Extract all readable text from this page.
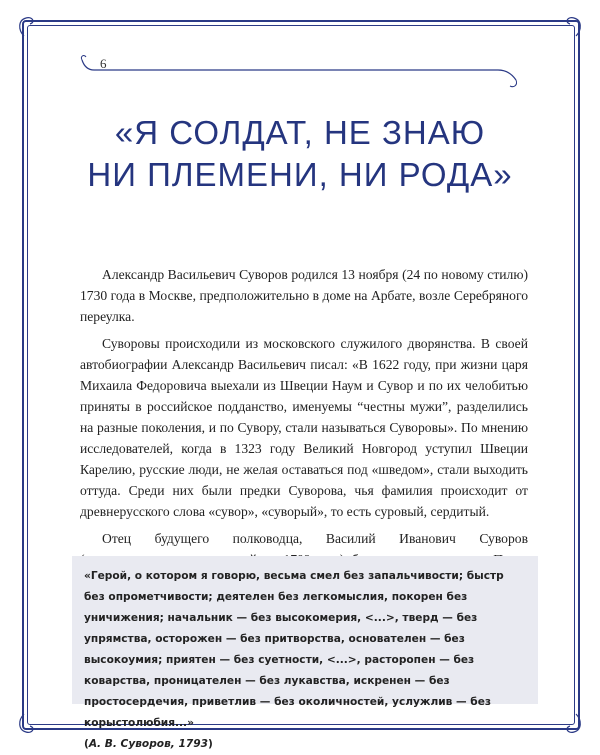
6
«Я СОЛДАТ, НЕ ЗНАЮ
НИ ПЛЕМЕНИ, НИ РОДА»

Александр Васильевич Суворов родился 13 ноября (24 по новому стилю) 1730 года в Москве, предположительно в доме на Арбате, возле Серебряного переулка.

Суворовы происходили из московского служилого дворянства. В своей автобиографии Александр Васильевич писал: «В 1622 году, при жизни царя Михаила Федоровича выехали из Швеции Наум и Сувор и по их челобитью приняты в российское подданство, именуемы “честны мужи”, разделились на разные поколения, и по Сувору, стали называться Суворовы». По мнению исследователей, когда в 1323 году Великий Новгород уступил Швеции Карелию, русские люди, не желая оставаться под «шведом», стали выходить оттуда. Среди них были предки Суворова, чья фамилия происходит от древнерусского слова «сувор», «суворый», то есть суровый, сердитый.

Отец будущего полководца, Василий Иванович Суворов

«Герой, о котором я говорю, весьма смел без запальчивости; быстр без опрометчивости; деятелен без легкомыслия, покорен без уничижения; начальник — без высокомерия, <...>, тверд — без упрямства, осторожен — без притворства, основателен — без высокоумия; приятен — без суетности, <...>, расторопен — без коварства, проницателен — без лукавства, искренен — без простосердечия, приветлив — без околичностей, услужлив — без корыстолюбия...»

(А. В. Суворов, 1793)
